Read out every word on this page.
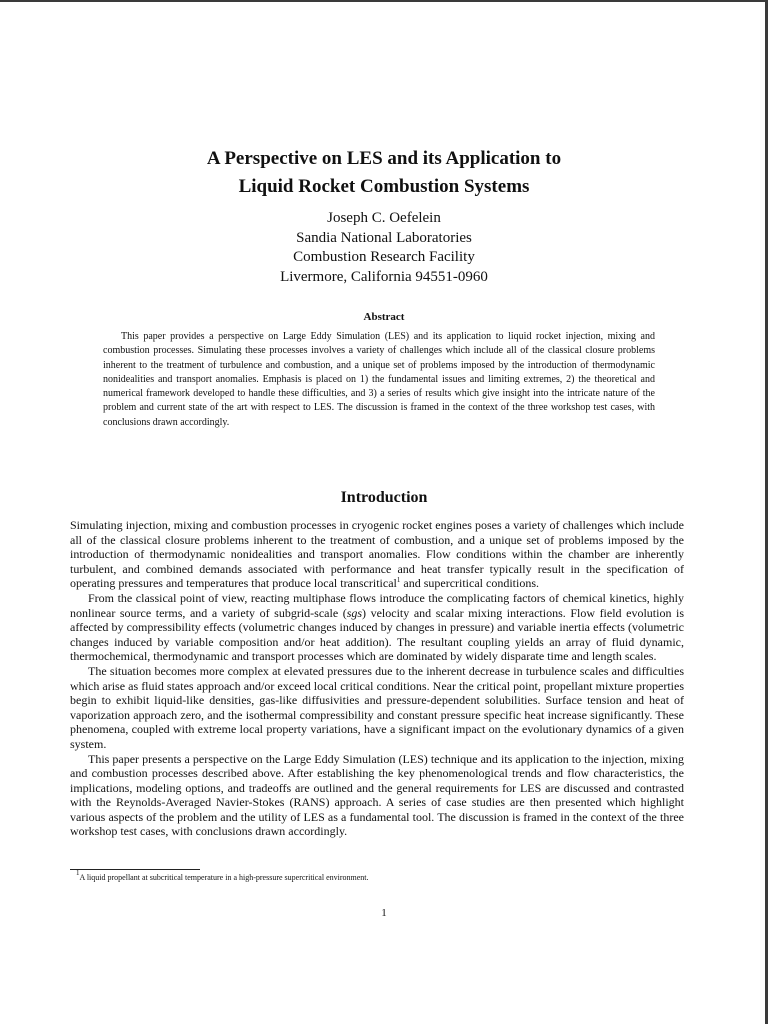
A Perspective on LES and its Application to
Liquid Rocket Combustion Systems
Joseph C. Oefelein
Sandia National Laboratories
Combustion Research Facility
Livermore, California 94551-0960
Abstract

This paper provides a perspective on Large Eddy Simulation (LES) and its application to liquid rocket injection, mixing and combustion processes. Simulating these processes involves a variety of challenges which include all of the classical closure problems inherent to the treatment of turbulence and combustion, and a unique set of problems imposed by the introduction of thermodynamic nonidealities and transport anomalies. Emphasis is placed on 1) the fundamental issues and limiting extremes, 2) the theoretical and numerical framework developed to handle these difficulties, and 3) a series of results which give insight into the intricate nature of the problem and current state of the art with respect to LES. The discussion is framed in the context of the three workshop test cases, with conclusions drawn accordingly.

Introduction

Simulating injection, mixing and combustion processes in cryogenic rocket engines poses a variety of challenges which include all of the classical closure problems inherent to the treatment of combustion, and a unique set of problems imposed by the introduction of thermodynamic nonidealities and transport anomalies. Flow conditions within the chamber are inherently turbulent, and combined demands associated with performance and heat transfer typically result in the specification of operating pressures and temperatures that produce local transcritical$^1$ and supercritical conditions.

From the classical point of view, reacting multiphase flows introduce the complicating factors of chemical kinetics, highly nonlinear source terms, and a variety of subgrid-scale (sgs) velocity and scalar mixing interactions. Flow field evolution is affected by compressibility effects (volumetric changes induced by changes in pressure) and variable inertia effects (volumetric changes induced by variable composition and/or heat addition). The resultant coupling yields an array of fluid dynamic, thermochemical, thermodynamic and transport processes which are dominated by widely disparate time and length scales.

The situation becomes more complex at elevated pressures due to the inherent decrease in turbulence scales and difficulties which arise as fluid states approach and/or exceed local critical conditions. Near the critical point, propellant mixture properties begin to exhibit liquid-like densities, gas-like diffusivities and pressure-dependent solubilities. Surface tension and heat of vaporization approach zero, and the isothermal compressibility and constant pressure specific heat increase significantly. These phenomena, coupled with extreme local property variations, have a significant impact on the evolutionary dynamics of a given system.

This paper presents a perspective on the Large Eddy Simulation (LES) technique and its application to the injection, mixing and combustion processes described above. After establishing the key phenomenological trends and flow characteristics, the implications, modeling options, and tradeoffs are outlined and the general requirements for LES are discussed and contrasted with the Reynolds-Averaged Navier-Stokes (RANS) approach. A series of case studies are then presented which highlight various aspects of the problem and the utility of LES as a fundamental tool. The discussion is framed in the context of the three workshop test cases, with conclusions drawn accordingly.

$^1$A liquid propellant at subcritical temperature in a high-pressure supercritical environment.
1
